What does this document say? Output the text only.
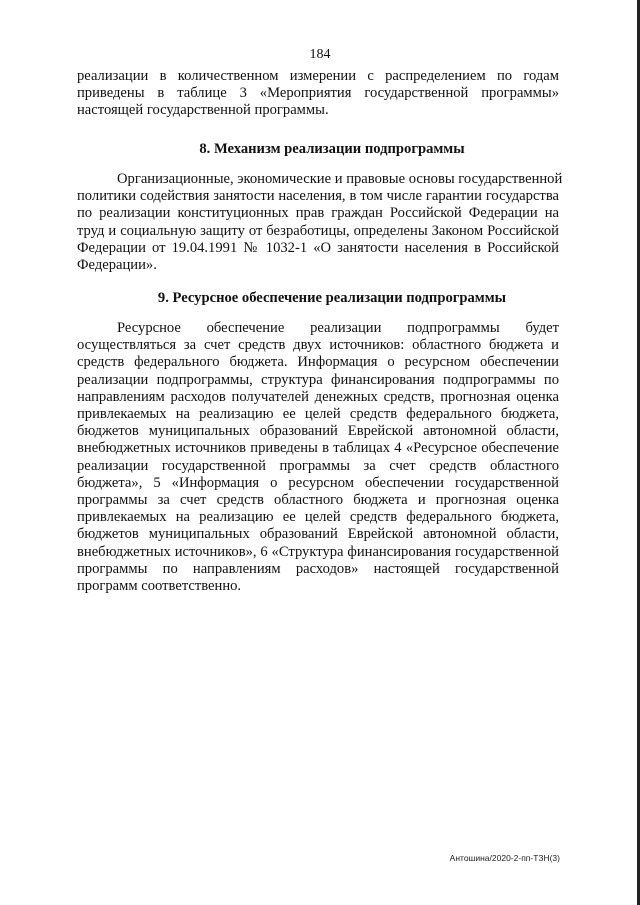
184
реализации в количественном измерении с распределением по годам
приведены в таблице 3 «Мероприятия государственной программы»
настоящей государственной программы.
8. Механизм реализации подпрограммы
Организационные, экономические и правовые основы государственной
политики содействия занятости населения, в том числе гарантии государства
по реализации конституционных прав граждан Российской Федерации на
труд и социальную защиту от безработицы, определены Законом Российской
Федерации от 19.04.1991 № 1032-1 «О занятости населения в Российской
Федерации».
9. Ресурсное обеспечение реализации подпрограммы
Ресурсное обеспечение реализации подпрограммы будет
осуществляться за счет средств двух источников: областного бюджета и
средств федерального бюджета. Информация о ресурсном обеспечении
реализации подпрограммы, структура финансирования подпрограммы по
направлениям расходов получателей денежных средств, прогнозная оценка
привлекаемых на реализацию ее целей средств федерального бюджета,
бюджетов муниципальных образований Еврейской автономной области,
внебюджетных источников приведены в таблицах 4 «Ресурсное обеспечение
реализации государственной программы за счет средств областного
бюджета», 5 «Информация о ресурсном обеспечении государственной
программы за счет средств областного бюджета и прогнозная оценка
привлекаемых на реализацию ее целей средств федерального бюджета,
бюджетов муниципальных образований Еврейской автономной области,
внебюджетных источников», 6 «Структура финансирования государственной
программы по направлениям расходов» настоящей государственной
программ соответственно.
Антошина/2020-2-пп-ТЗН(3)
